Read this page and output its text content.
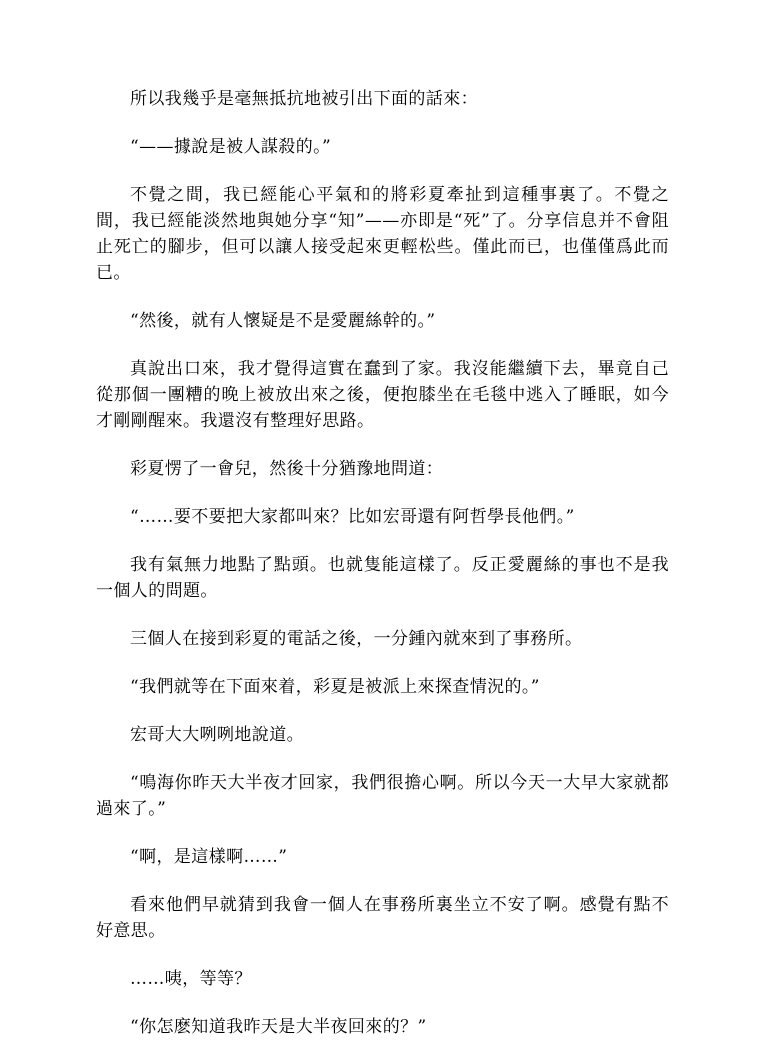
所以我幾乎是毫無抵抗地被引出下面的話來：

“——據說是被人謀殺的。”

不覺之間，我已經能心平氣和的將彩夏牽扯到這種事裏了。不覺之間，我已經能淡然地與她分享“知”——亦即是“死”了。分享信息并不會阻止死亡的腳步，但可以讓人接受起來更輕松些。僅此而已，也僅僅爲此而已。

“然後，就有人懷疑是不是愛麗絲幹的。”

真說出口來，我才覺得這實在蠢到了家。我沒能繼續下去，畢竟自己從那個一團糟的晚上被放出來之後，便抱膝坐在毛毯中逃入了睡眠，如今才剛剛醒來。我還沒有整理好思路。

彩夏愣了一會兒，然後十分猶豫地問道：

“……要不要把大家都叫來？比如宏哥還有阿哲學長他們。”

我有氣無力地點了點頭。也就隻能這樣了。反正愛麗絲的事也不是我一個人的問題。

三個人在接到彩夏的電話之後，一分鍾內就來到了事務所。

“我們就等在下面來着，彩夏是被派上來探查情況的。”

宏哥大大咧咧地說道。

“鳴海你昨天大半夜才回家，我們很擔心啊。所以今天一大早大家就都過來了。”

“啊，是這樣啊……”

看來他們早就猜到我會一個人在事務所裏坐立不安了啊。感覺有點不好意思。

……咦，等等？

“你怎麽知道我昨天是大半夜回來的？”
